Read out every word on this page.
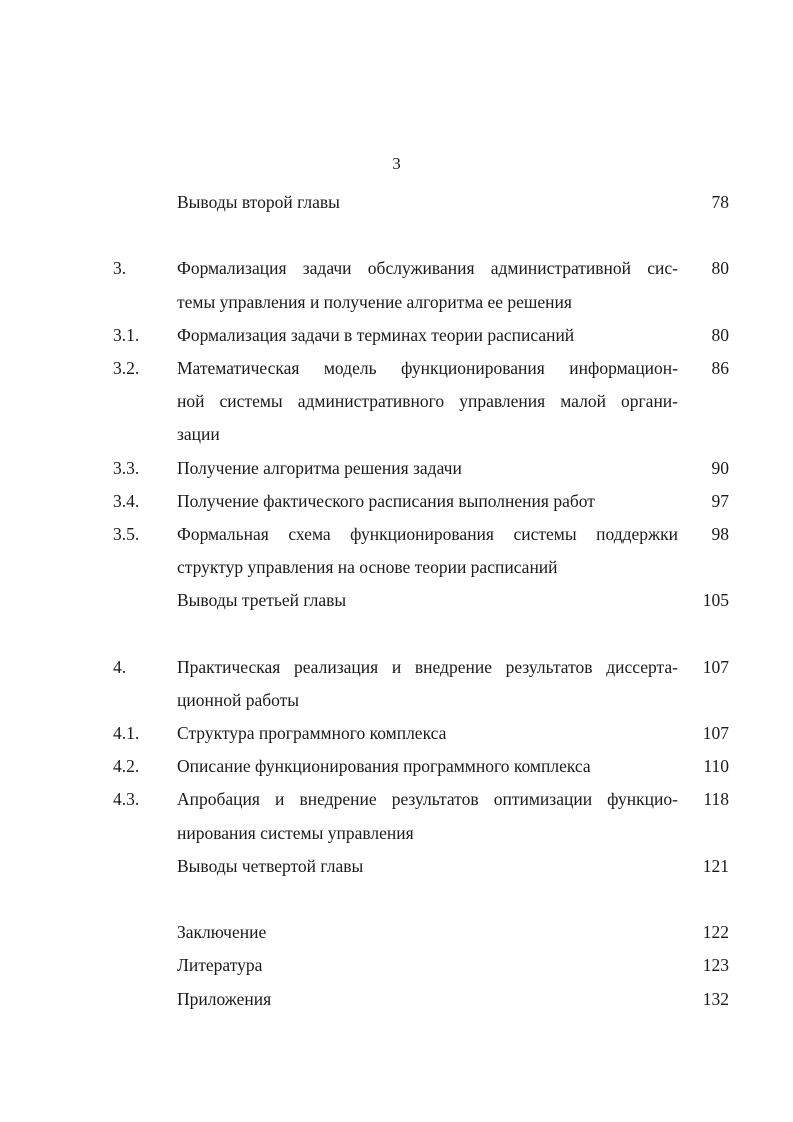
3
Выводы второй главы	78
3.	Формализация задачи обслуживания административной сис-	80
темы управления и получение алгоритма ее решения
3.1. Формализация задачи в терминах теории расписаний	80
3.2. Математическая модель функционирования информацион-	86
ной системы административного управления малой органи-
зации
3.3. Получение алгоритма решения задачи	90
3.4. Получение фактического расписания выполнения работ	97
3.5. Формальная схема функционирования системы поддержки	98
структур управления на основе теории расписаний
Выводы третьей главы	105
4.	Практическая реализация и внедрение результатов диссерта-	107
ционной работы
4.1. Структура программного комплекса	107
4.2. Описание функционирования программного комплекса	110
4.3. Апробация и внедрение результатов оптимизации функцио-	118
нирования системы управления
Выводы четвертой главы	121
Заключение	122
Литература	123
Приложения	132
